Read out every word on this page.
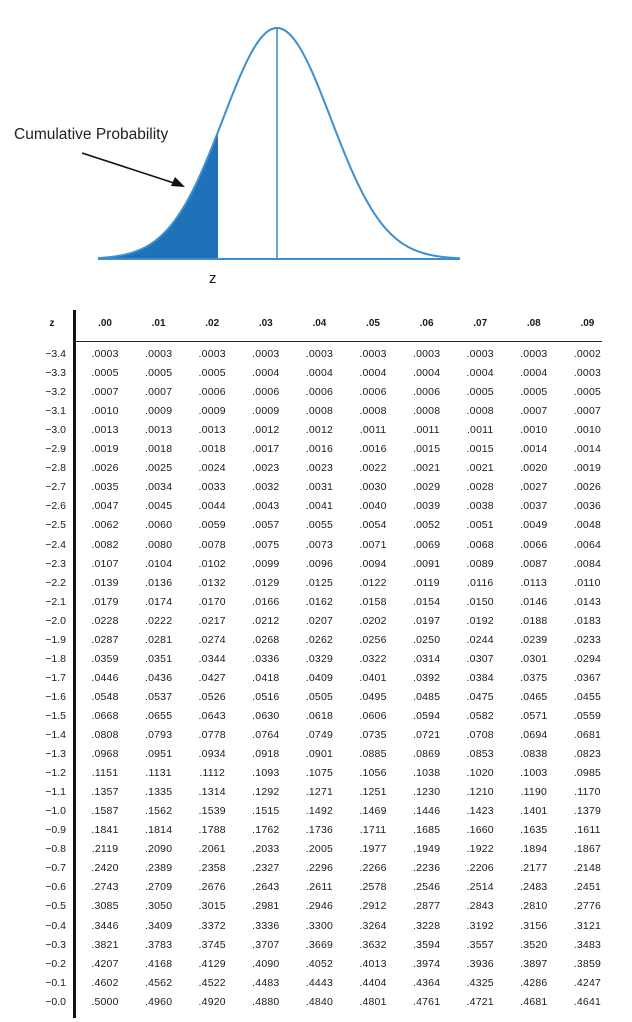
Cumulative Probability
z
z	.00	.01	.02	.03	.04	.05	.06	.07	.08	.09
−3.4	.0003	.0003	.0003	.0003	.0003	.0003	.0003	.0003	.0003	.0002
−3.3	.0005	.0005	.0005	.0004	.0004	.0004	.0004	.0004	.0004	.0003
−3.2	.0007	.0007	.0006	.0006	.0006	.0006	.0006	.0005	.0005	.0005
−3.1	.0010	.0009	.0009	.0009	.0008	.0008	.0008	.0008	.0007	.0007
−3.0	.0013	.0013	.0013	.0012	.0012	.0011	.0011	.0011	.0010	.0010
−2.9	.0019	.0018	.0018	.0017	.0016	.0016	.0015	.0015	.0014	.0014
−2.8	.0026	.0025	.0024	.0023	.0023	.0022	.0021	.0021	.0020	.0019
−2.7	.0035	.0034	.0033	.0032	.0031	.0030	.0029	.0028	.0027	.0026
−2.6	.0047	.0045	.0044	.0043	.0041	.0040	.0039	.0038	.0037	.0036
−2.5	.0062	.0060	.0059	.0057	.0055	.0054	.0052	.0051	.0049	.0048
−2.4	.0082	.0080	.0078	.0075	.0073	.0071	.0069	.0068	.0066	.0064
−2.3	.0107	.0104	.0102	.0099	.0096	.0094	.0091	.0089	.0087	.0084
−2.2	.0139	.0136	.0132	.0129	.0125	.0122	.0119	.0116	.0113	.0110
−2.1	.0179	.0174	.0170	.0166	.0162	.0158	.0154	.0150	.0146	.0143
−2.0	.0228	.0222	.0217	.0212	.0207	.0202	.0197	.0192	.0188	.0183
−1.9	.0287	.0281	.0274	.0268	.0262	.0256	.0250	.0244	.0239	.0233
−1.8	.0359	.0351	.0344	.0336	.0329	.0322	.0314	.0307	.0301	.0294
−1.7	.0446	.0436	.0427	.0418	.0409	.0401	.0392	.0384	.0375	.0367
−1.6	.0548	.0537	.0526	.0516	.0505	.0495	.0485	.0475	.0465	.0455
−1.5	.0668	.0655	.0643	.0630	.0618	.0606	.0594	.0582	.0571	.0559
−1.4	.0808	.0793	.0778	.0764	.0749	.0735	.0721	.0708	.0694	.0681
−1.3	.0968	.0951	.0934	.0918	.0901	.0885	.0869	.0853	.0838	.0823
−1.2	.1151	.1131	.1112	.1093	.1075	.1056	.1038	.1020	.1003	.0985
−1.1	.1357	.1335	.1314	.1292	.1271	.1251	.1230	.1210	.1190	.1170
−1.0	.1587	.1562	.1539	.1515	.1492	.1469	.1446	.1423	.1401	.1379
−0.9	.1841	.1814	.1788	.1762	.1736	.1711	.1685	.1660	.1635	.1611
−0.8	.2119	.2090	.2061	.2033	.2005	.1977	.1949	.1922	.1894	.1867
−0.7	.2420	.2389	.2358	.2327	.2296	.2266	.2236	.2206	.2177	.2148
−0.6	.2743	.2709	.2676	.2643	.2611	.2578	.2546	.2514	.2483	.2451
−0.5	.3085	.3050	.3015	.2981	.2946	.2912	.2877	.2843	.2810	.2776
−0.4	.3446	.3409	.3372	.3336	.3300	.3264	.3228	.3192	.3156	.3121
−0.3	.3821	.3783	.3745	.3707	.3669	.3632	.3594	.3557	.3520	.3483
−0.2	.4207	.4168	.4129	.4090	.4052	.4013	.3974	.3936	.3897	.3859
−0.1	.4602	.4562	.4522	.4483	.4443	.4404	.4364	.4325	.4286	.4247
−0.0	.5000	.4960	.4920	.4880	.4840	.4801	.4761	.4721	.4681	.4641
